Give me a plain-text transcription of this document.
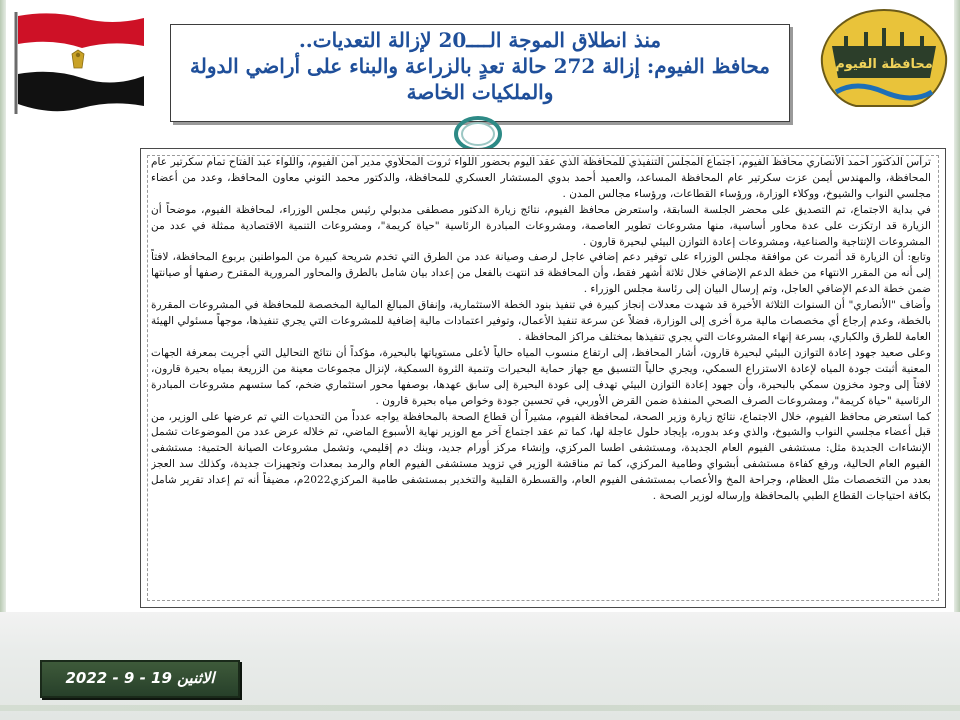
محافظة الفيوم
منذ انطلاق الموجة الــــ20 لإزالة التعديات..
محافظ الفيوم: إزالة 272 حالة تعدٍ بالزراعة والبناء على أراضي الدولة
والملكيات الخاصة

ترأس الدكتور أحمد الأنصاري محافظ الفيوم، اجتماع المجلس التنفيذي للمحافظة الذي عقد اليوم بحضور اللواء ثروت المحلاوي مدير أمن الفيوم، واللواء عبد الفتاح تمام سكرتير عام المحافظة، والمهندس أيمن عزت سكرتير عام المحافظة المساعد، والعميد أحمد بدوي المستشار العسكري للمحافظة، والدكتور محمد التوني معاون المحافظ، وعدد من أعضاء مجلسي النواب والشيوخ، ووكلاء الوزارة، ورؤساء القطاعات، ورؤساء مجالس المدن .

في بداية الاجتماع، تم التصديق على محضر الجلسة السابقة، واستعرض محافظ الفيوم، نتائج زيارة الدكتور مصطفى مدبولي رئيس مجلس الوزراء، لمحافظة الفيوم، موضحاً أن الزيارة قد ارتكزت على عدة محاور أساسية، منها مشروعات تطوير العاصمة، ومشروعات المبادرة الرئاسية "حياة كريمة"، ومشروعات التنمية الاقتصادية ممثلة في عدد من المشروعات الإنتاجية والصناعية، ومشروعات إعادة التوازن البيئي لبحيرة قارون .

وتابع: أن الزيارة قد أثمرت عن موافقة مجلس الوزراء على توفير دعم إضافي عاجل لرصف وصيانة عدد من الطرق التي تخدم شريحة كبيرة من المواطنين بربوع المحافظة، لافتاً إلى أنه من المقرر الانتهاء من خطة الدعم الإضافي خلال ثلاثة أشهر فقط، وأن المحافظة قد انتهت بالفعل من إعداد بيان شامل بالطرق والمحاور المرورية المقترح رصفها أو صيانتها ضمن خطة الدعم الإضافي العاجل، وتم إرسال البيان إلى رئاسة مجلس الوزراء .

وأضاف "الأنصاري" أن السنوات الثلاثة الأخيرة قد شهدت معدلات إنجاز كبيرة في تنفيذ بنود الخطة الاستثمارية، وإنفاق المبالغ المالية المخصصة للمحافظة في المشروعات المقررة بالخطة، وعدم إرجاع أي مخصصات مالية مرة أخرى إلى الوزارة، فضلاً عن سرعة تنفيذ الأعمال، وتوفير اعتمادات مالية إضافية للمشروعات التي يجري تنفيذها، موجهاً مسئولي الهيئة العامة للطرق والكباري، بسرعة إنهاء المشروعات التي يجري تنفيذها بمختلف مراكز المحافظة .

وعلى صعيد جهود إعادة التوازن البيئي لبحيرة قارون، أشار المحافظ، إلى ارتفاع منسوب المياه حالياً لأعلى مستوياتها بالبحيرة، مؤكداً أن نتائج التحاليل التي أجريت بمعرفة الجهات المعنية أثبتت جودة المياه لإعادة الاستزراع السمكي، ويجري حالياً التنسيق مع جهاز حماية البحيرات وتنمية الثروة السمكية، لإنزال مجموعات معينة من الزريعة بمياه بحيرة قارون، لافتاً إلى وجود مخزون سمكي بالبحيرة، وأن جهود إعادة التوازن البيئي تهدف إلى عودة البحيرة إلى سابق عهدها، بوصفها محور استثماري ضخم، كما ستسهم مشروعات المبادرة الرئاسية "حياة كريمة"، ومشروعات الصرف الصحي المنفذة ضمن القرض الأوربي، في تحسين جودة وخواص مياه بحيرة قارون .

كما استعرض محافظ الفيوم، خلال الاجتماع، نتائج زيارة وزير الصحة، لمحافظة الفيوم، مشيراً أن قطاع الصحة بالمحافظة يواجه عدداً من التحديات التي تم عرضها على الوزير، من قبل أعضاء مجلسي النواب والشيوخ، والذي وعد بدوره، بإيجاد حلول عاجلة لها، كما تم عقد اجتماع آخر مع الوزير نهاية الأسبوع الماضي، تم خلاله عرض عدد من الموضوعات تشمل الإنشاءات الجديدة مثل: مستشفى الفيوم العام الجديدة، ومستشفى اطسا المركزي، وإنشاء مركز أورام جديد، وبنك دم إقليمي، وتشمل مشروعات الصيانة الحتمية: مستشفى الفيوم العام الحالية، ورفع كفاءة مستشفى أبشواي وطامية المركزي، كما تم مناقشة الوزير في تزويد مستشفى الفيوم العام والرمد بمعدات وتجهيزات جديدة، وكذلك سد العجز بعدد من التخصصات مثل العظام، وجراحة المخ والأعصاب بمستشفى الفيوم العام، والقسطرة القلبية والتخدير بمستشفى طامية المركزي2022م، مضيفاً أنه تم إعداد تقرير شامل بكافة احتياجات القطاع الطبي بالمحافظة وإرساله لوزير الصحة .

الاثنين 19 - 9 - 2022
